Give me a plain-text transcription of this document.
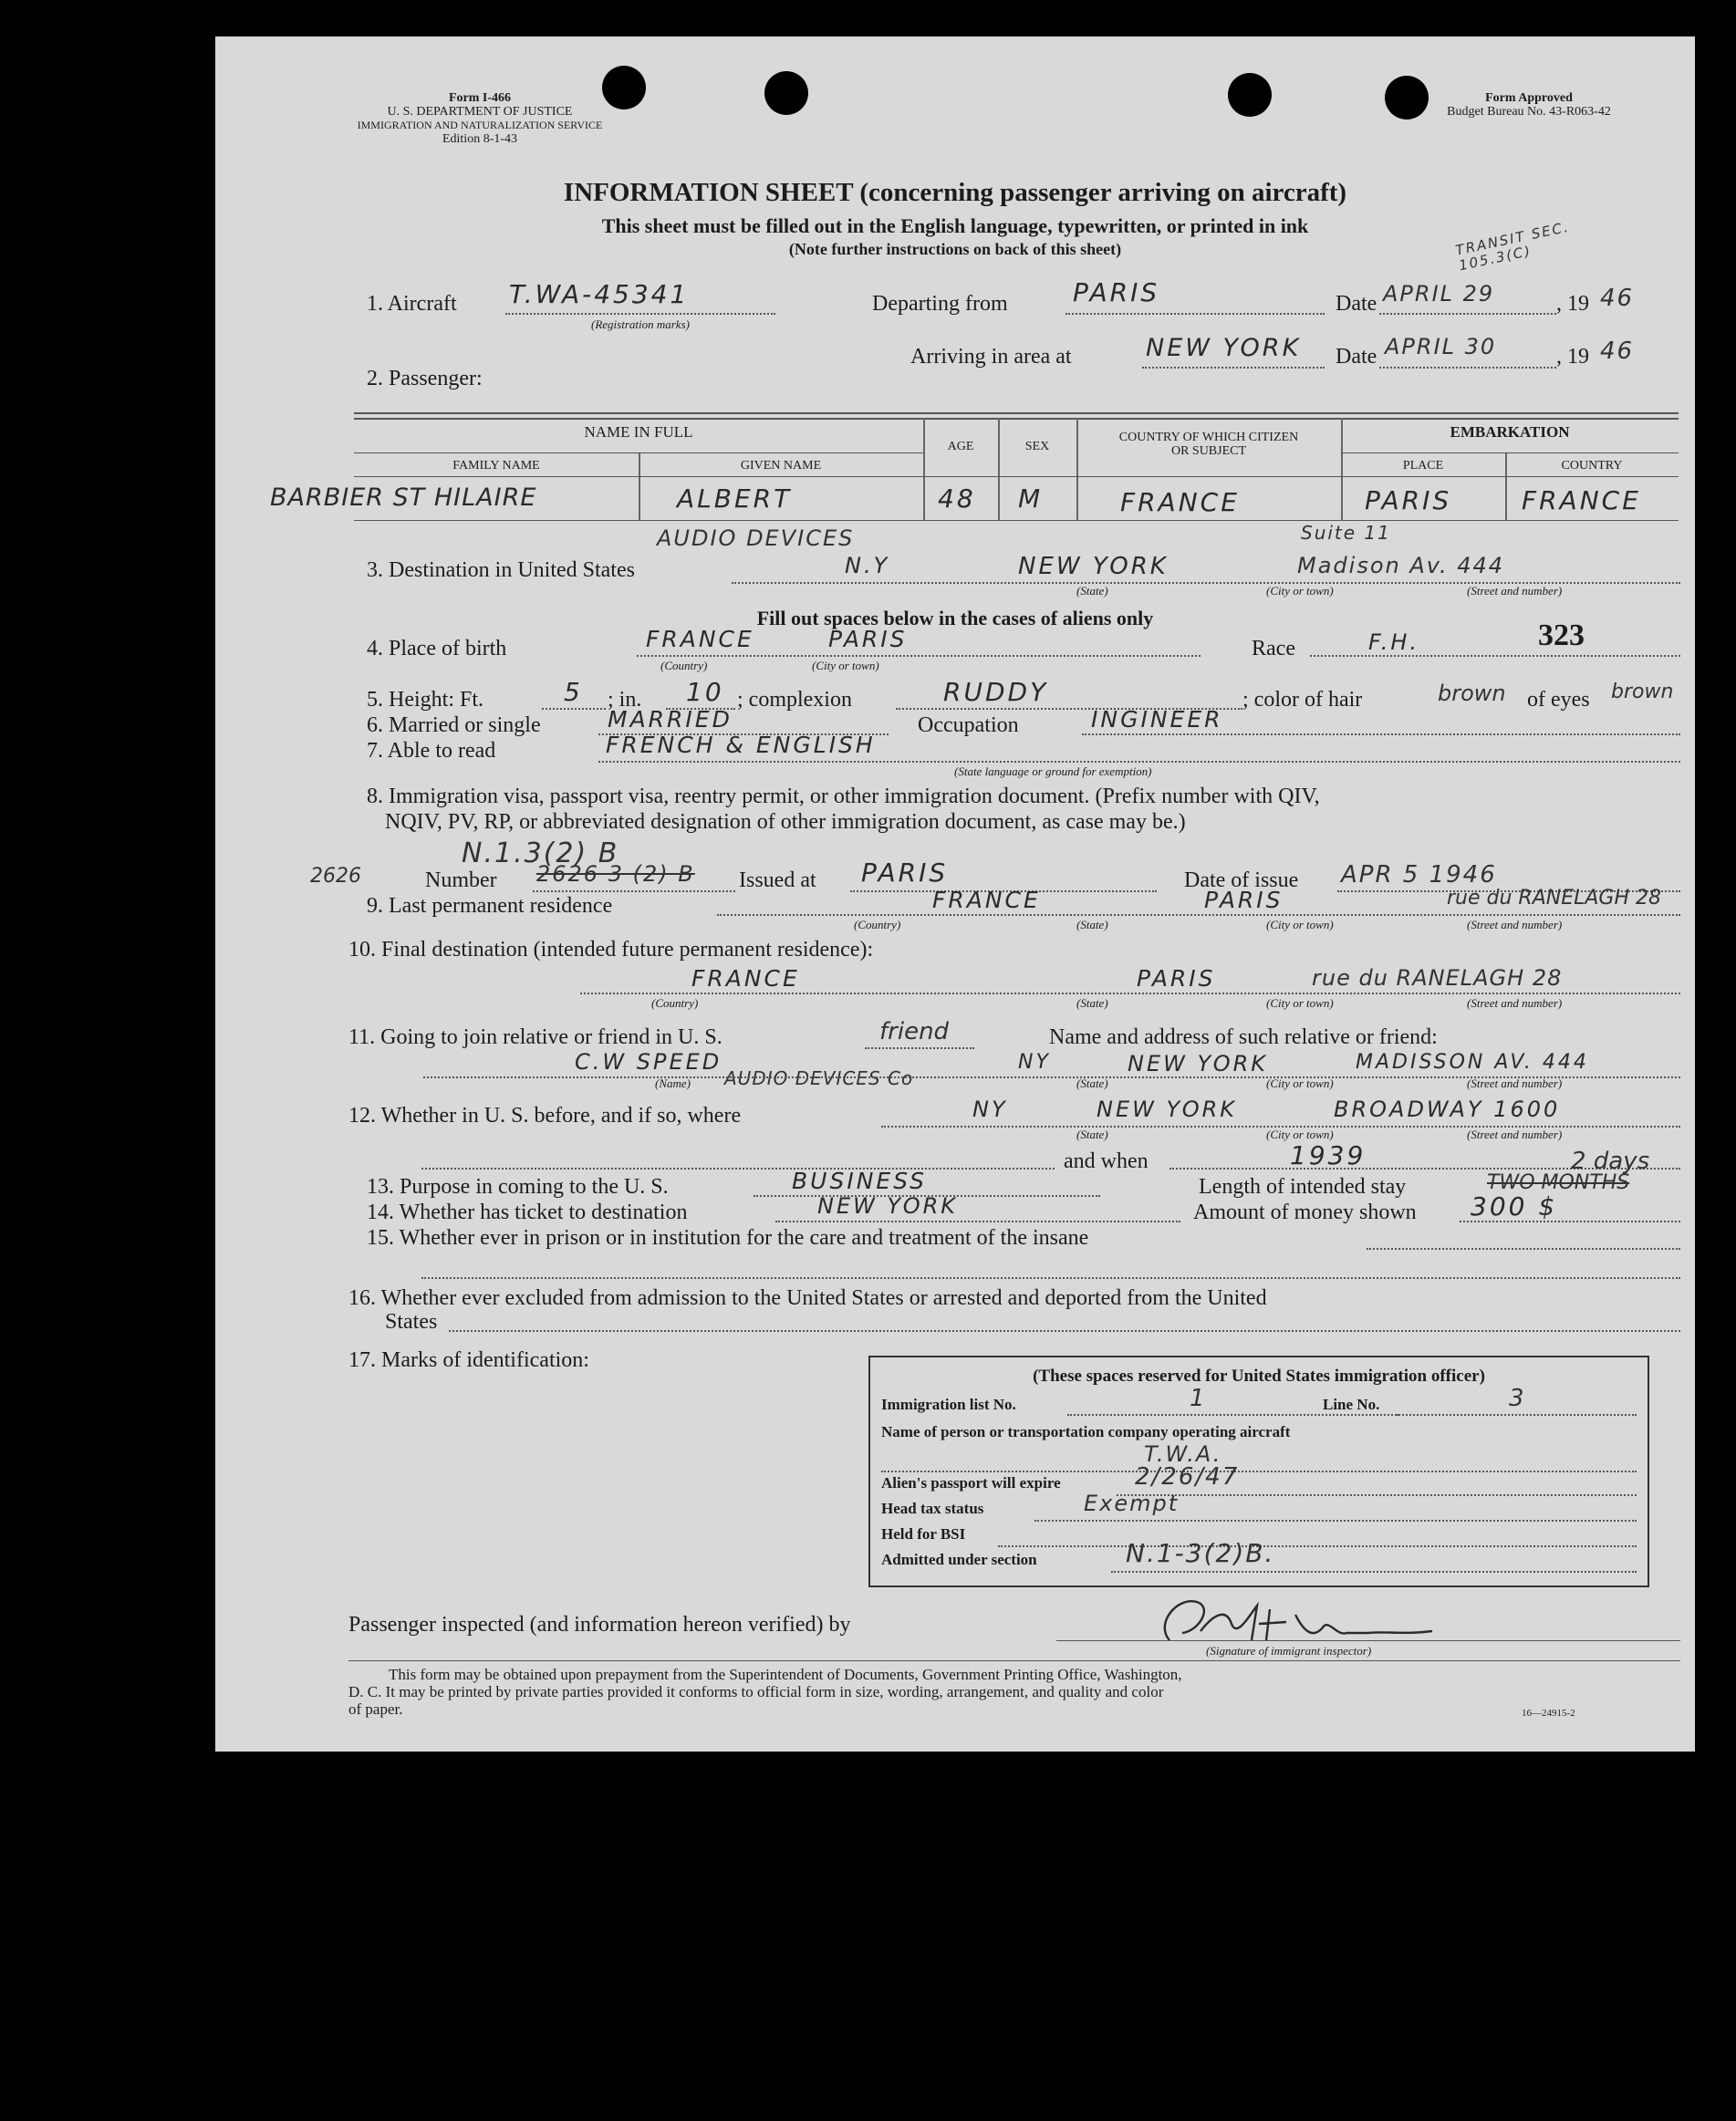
Form I-466
U. S. DEPARTMENT OF JUSTICE
IMMIGRATION AND NATURALIZATION SERVICE
Edition 8-1-43
Form Approved
Budget Bureau No. 43-R063-42
INFORMATION SHEET (concerning passenger arriving on aircraft)
This sheet must be filled out in the English language, typewritten, or printed in ink
(Note further instructions on back of this sheet)	TRANSIT SEC. 105.3(C)
1. Aircraft T.WA-45341
(Registration marks)
Departing from	PARIS	Date APRIL 29	, 19 46
Arriving in area at	NEW YORK Date APRIL 30	, 19 46
2. Passenger:
NAME IN FULL
FAMILY NAME	GIVEN NAME
AGE	SEX
COUNTRY OF WHICH CITIZEN
OR SUBJECT
EMBARKATION
PLACE	COUNTRY
BARBIER ST HILAIRE	ALBERT	48 M	FRANCE	PARIS	FRANCE
AUDIO DEVICES	Suite 11
3. Destination in United States	N.Y	NEW YORK	Madison Av. 444
(State)	(City or town)	(Street and number)
Fill out spaces below in the cases of aliens only
323
4. Place of birth	FRANCE	PARIS
(Country)	(City or town)
Race	F.H.
5. Height: Ft.	5 ; in. 10 ; complexion	RUDDY	; color of hair	brown of eyes brown
6. Married or single	MARRIED	Occupation	INGINEER
7. Able to read	FRENCH & ENGLISH
(State language or ground for exemption)
8. Immigration visa, passport visa, reentry permit, or other immigration document. (Prefix number with QIV,
NQIV, PV, RP, or abbreviated designation of other immigration document, as case may be.)
N.1.3(2) B
2626	Number 2626 3 (2) B Issued at PARIS	Date of issue APR 5 1946
9. Last permanent residence	FRANCE	PARIS	rue du RANELAGH 28
(Country)	(State)	(City or town)	(Street and number)
10. Final destination (intended future permanent residence):
FRANCE	PARIS	rue du RANELAGH 28
(Country)	(State)	(City or town)	(Street and number)
11. Going to join relative or friend in U. S.	friend	Name and address of such relative or friend:
C.W SPEED
AUDIO DEVICES Co
NY	NEW YORK	MADISSON AV. 444
(Name)	(State)	(City or town)	(Street and number)
12. Whether in U. S. before, and if so, where	NY	NEW YORK	BROADWAY 1600
(State)	(City or town)	(Street and number)
and when	1939
13. Purpose in coming to the U. S.	BUSINESS	Length of intended stay	TWO MONTHS
2 days
14. Whether has ticket to destination	NEW YORK	Amount of money shown 300 $
15. Whether ever in prison or in institution for the care and treatment of the insane
16. Whether ever excluded from admission to the United States or arrested and deported from the United
States
17. Marks of identification:
(These spaces reserved for United States immigration officer)
Immigration list No.	1	Line No.	3
Name of person or transportation company operating aircraft
T.W.A.
Alien's passport will expire	2/26/47
Head tax status	Exempt
Held for BSI
Admitted under section	N.1-3(2)B.
Passenger inspected (and information hereon verified) by
(Signature of immigrant inspector)
This form may be obtained upon prepayment from the Superintendent of Documents, Government Printing Office, Washington,
D. C. It may be printed by private parties provided it conforms to official form in size, wording, arrangement, and quality and color
of paper.	16—24915-2
